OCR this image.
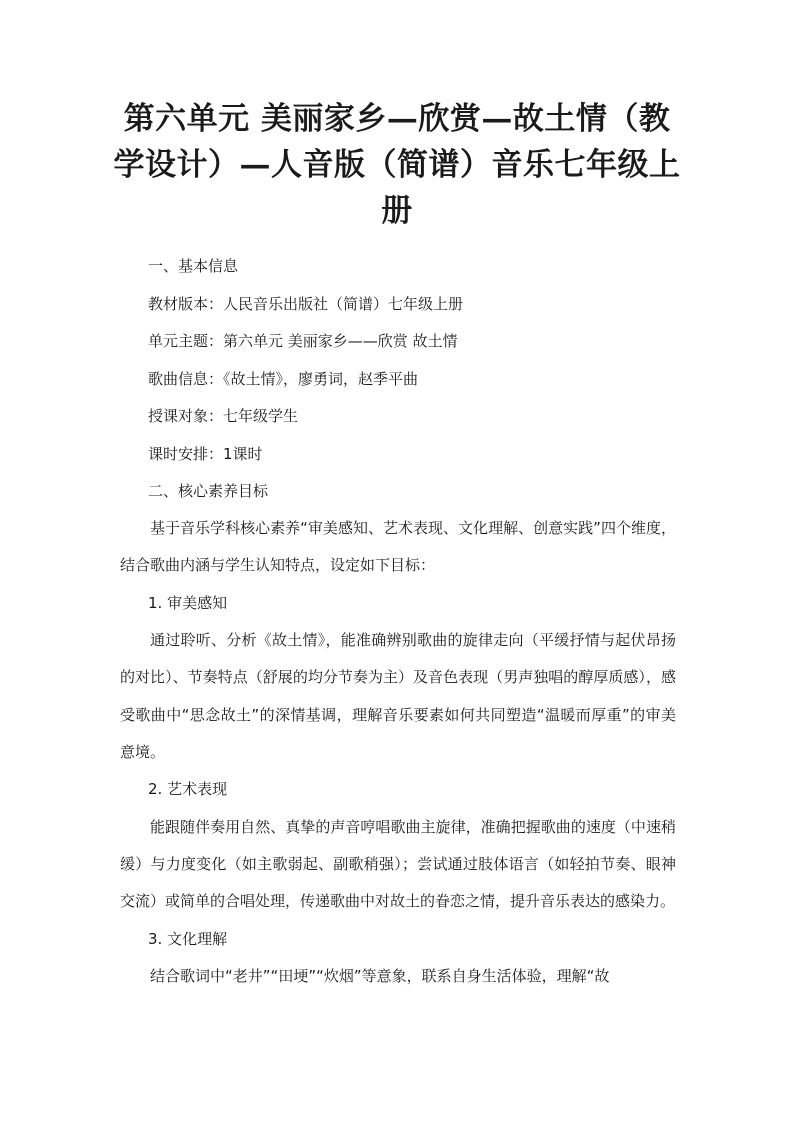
第六单元 美丽家乡—欣赏—故土情（教学设计）—人音版（简谱）音乐七年级上册

一、基本信息

教材版本：人民音乐出版社（简谱）七年级上册

单元主题：第六单元 美丽家乡——欣赏 故土情

歌曲信息：《故土情》，廖勇词，赵季平曲

授课对象：七年级学生

课时安排：1课时

二、核心素养目标

基于音乐学科核心素养“审美感知、艺术表现、文化理解、创意实践”四个维度，结合歌曲内涵与学生认知特点，设定如下目标：

1. 审美感知

通过聆听、分析《故土情》，能准确辨别歌曲的旋律走向（平缓抒情与起伏昂扬的对比）、节奏特点（舒展的均分节奏为主）及音色表现（男声独唱的醇厚质感），感受歌曲中“思念故土”的深情基调，理解音乐要素如何共同塑造“温暖而厚重”的审美意境。

2. 艺术表现

能跟随伴奏用自然、真挚的声音哼唱歌曲主旋律，准确把握歌曲的速度（中速稍缓）与力度变化（如主歌弱起、副歌稍强）；尝试通过肢体语言（如轻拍节奏、眼神交流）或简单的合唱处理，传递歌曲中对故土的眷恋之情，提升音乐表达的感染力。

3. 文化理解

结合歌词中“老井”“田埂”“炊烟”等意象，联系自身生活体验，理解“故
